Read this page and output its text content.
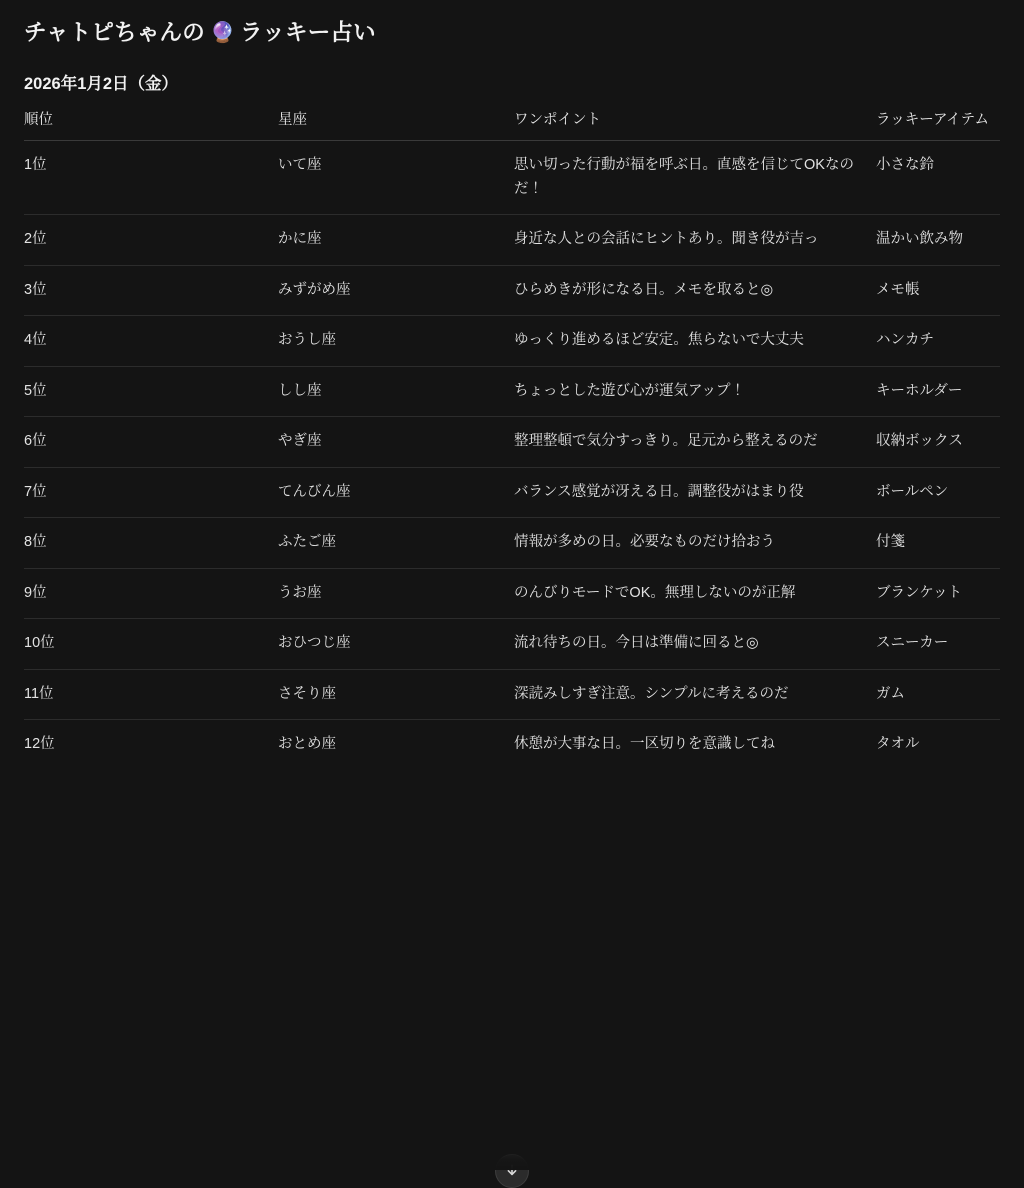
チャトピちゃんの 🔮 ラッキー占い
2026年1月2日（金）
順位	星座	ワンポイント	ラッキーアイテム
1位	いて座	思い切った行動が福を呼ぶ日。直感を信じてOKなのだ！	小さな鈴
2位	かに座	身近な人との会話にヒントあり。聞き役が吉っ	温かい飲み物
3位	みずがめ座	ひらめきが形になる日。メモを取ると◎	メモ帳
4位	おうし座	ゆっくり進めるほど安定。焦らないで大丈夫	ハンカチ
5位	しし座	ちょっとした遊び心が運気アップ！	キーホルダー
6位	やぎ座	整理整頓で気分すっきり。足元から整えるのだ	収納ボックス
7位	てんびん座	バランス感覚が冴える日。調整役がはまり役	ボールペン
8位	ふたご座	情報が多めの日。必要なものだけ拾おう	付箋
9位	うお座	のんびりモードでOK。無理しないのが正解	ブランケット
10位	おひつじ座	流れ待ちの日。今日は準備に回ると◎	スニーカー
11位	さそり座	深読みしすぎ注意。シンプルに考えるのだ	ガム
12位	おとめ座	休憩が大事な日。一区切りを意識してね	タオル
